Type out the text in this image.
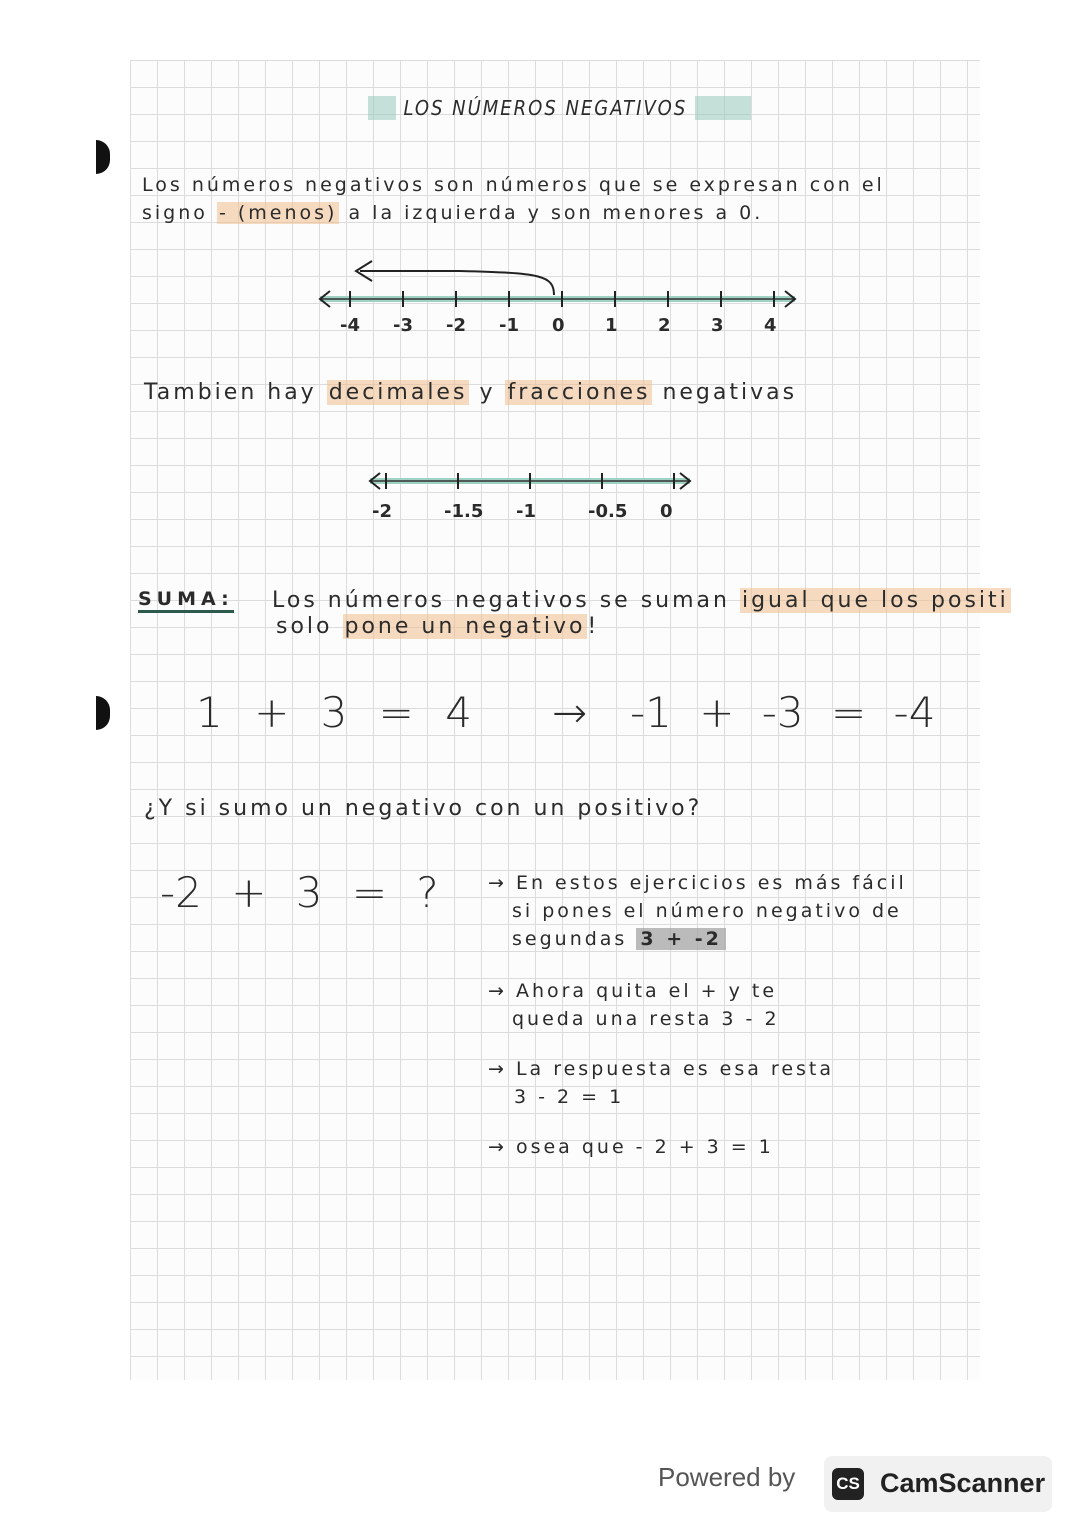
LOS NÚMEROS NEGATIVOS
Los números negativos son números que se expresan con el
signo - (menos) a la izquierda y son menores a 0.
-4 -3 -2 -1 0 1 2 3 4
Tambien hay decimales y fracciones negativas
-2	-1.5 -1	-0.5 0
SUMA: Los números negativos se suman igual que los positi
solo pone un negativo!
1 + 3 = 4 → -1 + -3 = -4
¿Y si sumo un negativo con un positivo?
-2 + 3 = ?	→ En estos ejercicios es más fácil
si pones el número negativo de
segundas 3 + -2
→ Ahora quita el + y te
queda una resta 3 - 2
→ La respuesta es esa resta
3 - 2 = 1
→ osea que - 2 + 3 = 1
Powered by CS CamScanner
